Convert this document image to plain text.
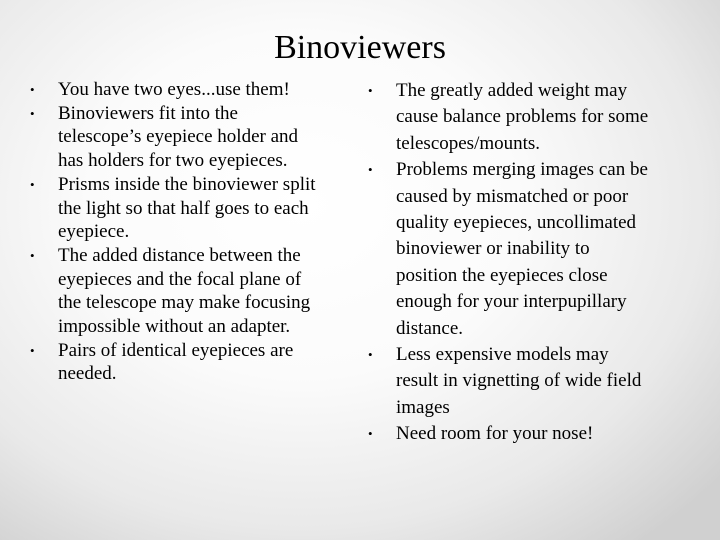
Binoviewers
•	You have two eyes...use them!
•	Binoviewers fit into the telescope’s eyepiece holder and has holders for two eyepieces.
•	Prisms inside the binoviewer split the light so that half goes to each eyepiece.
•	The added distance between the eyepieces and the focal plane of the telescope may make focusing impossible without an adapter.
•	Pairs of identical eyepieces are needed.
•	The greatly added weight may cause balance problems for some telescopes/mounts.
•	Problems merging images can be caused by mismatched or poor quality eyepieces, uncollimated binoviewer or inability to position the eyepieces close enough for your interpupillary distance.
•	Less expensive models may result in vignetting of wide field images
•	Need room for your nose!
